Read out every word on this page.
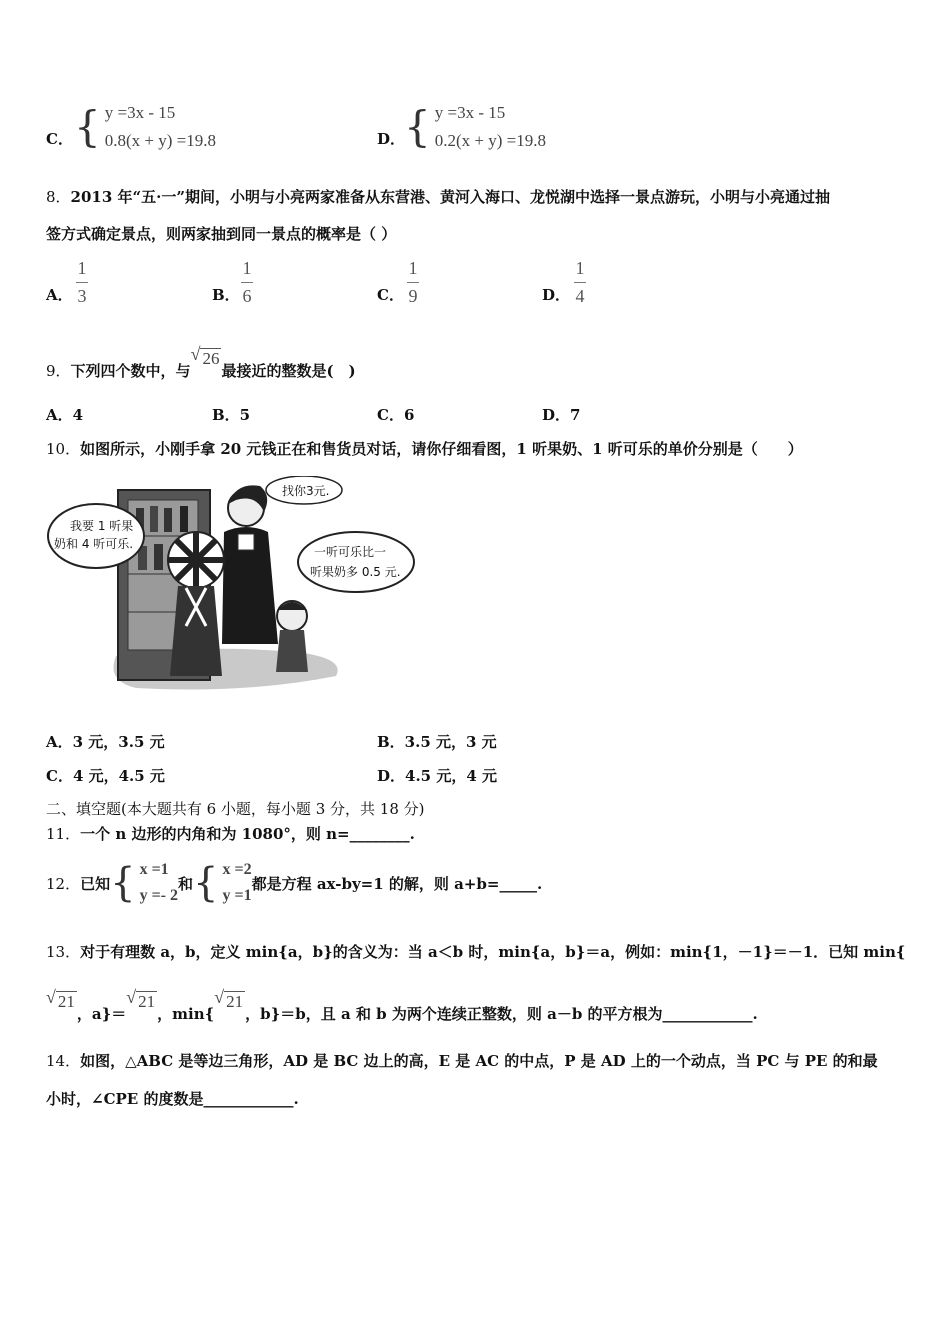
C． { y =3x - 15
0.8(x + y) =19.8	D．
{ y =3x - 15
0.2(x + y) =19.8
8．2013 年“五·一”期间，小明与小亮两家准备从东营港、黄河入海口、龙悦湖中选择一景点游玩，小明与小亮通过抽
签方式确定景点，则两家抽到同一景点的概率是（ ）
A．
1
3	B．
1
6	C．
1
9	D．
1
4
9． 下列四个数中，与
√ 26
最接近的整数是(　)
A．4	B．5	C．6	D．7
10．如图所示，小刚手拿 20 元钱正在和售货员对话，请你仔细看图，1 听果奶、1 听可乐的单价分别是（　　）
我要 1 听果
奶和 4 听可乐.
找你3元.
一听可乐比一
听果奶多 0.5 元.
A．3 元，3.5 元	B．3.5 元，3 元
C．4 元，4.5 元	D．4.5 元，4 元
二、填空题(本大题共有 6 小题，每小题 3 分，共 18 分)
11．一个 n 边形的内角和为 1080°，则 n=________.
12． 已知 { x =1
y =- 2
和 { x =2
y =1
都是方程 ax-by=1 的解，则 a+b=_____.
13．对于有理数 a，b，定义 min{a，b}的含义为：当 a＜b 时，min{a，b}＝a，例如：min{1，－1}＝－1．已知 min{
√ 21
，a}＝
√ 21
，min{
√ 21
，b}＝b，且 a 和 b 为两个连续正整数，则 a－b 的平方根为____________.
14．如图，△ABC 是等边三角形，AD 是 BC 边上的高，E 是 AC 的中点，P 是 AD 上的一个动点，当 PC 与 PE 的和最
小时，∠CPE 的度数是____________.
